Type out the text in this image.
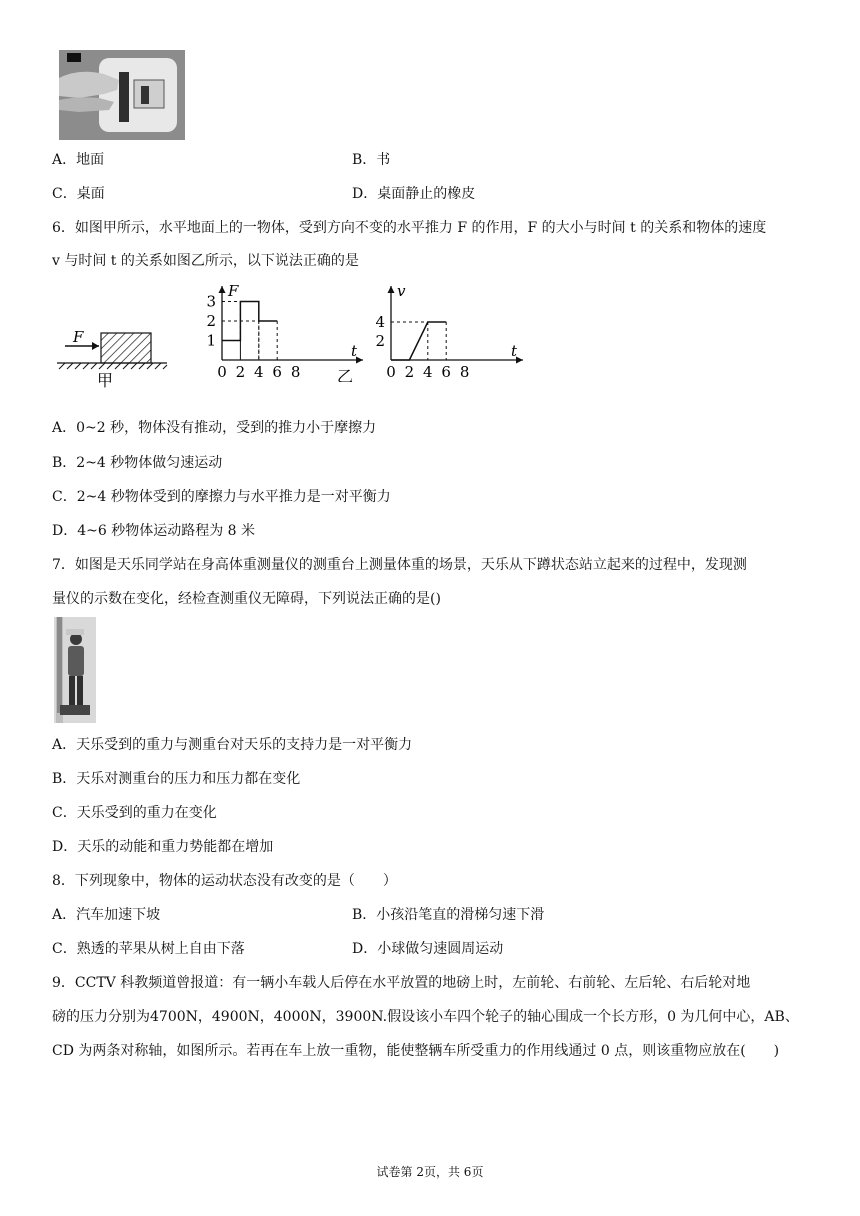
A．地面	B．书
C．桌面	D．桌面静止的橡皮
6．如图甲所示，水平地面上的一物体，受到方向不变的水平推力 F 的作用，F 的大小与时间 t 的关系和物体的速度
v 与时间 t 的关系如图乙所示，以下说法正确的是
F
甲
F
t
0 2 4 6 8
1
2
3
乙
v
t
0 2 4 6 8
2
4
A．0~2 秒，物体没有推动，受到的推力小于摩擦力
B．2~4 秒物体做匀速运动
C．2~4 秒物体受到的摩擦力与水平推力是一对平衡力
D．4~6 秒物体运动路程为 8 米
7．如图是天乐同学站在身高体重测量仪的测重台上测量体重的场景，天乐从下蹲状态站立起来的过程中，发现测
量仪的示数在变化，经检查测重仪无障碍，下列说法正确的是()
A．天乐受到的重力与测重台对天乐的支持力是一对平衡力
B．天乐对测重台的压力和压力都在变化
C．天乐受到的重力在变化
D．天乐的动能和重力势能都在增加
8．下列现象中，物体的运动状态没有改变的是（　　）
A．汽车加速下坡	B．小孩沿笔直的滑梯匀速下滑
C．熟透的苹果从树上自由下落	D．小球做匀速圆周运动
9．CCTV 科教频道曾报道：有一辆小车载人后停在水平放置的地磅上时，左前轮、右前轮、左后轮、右后轮对地
磅的压力分别为4700N，4900N，4000N，3900N.假设该小车四个轮子的轴心围成一个长方形，0 为几何中心，AB、
CD 为两条对称轴，如图所示。若再在车上放一重物，能使整辆车所受重力的作用线通过 0 点，则该重物应放在(　　)
试卷第 2页，共 6页
